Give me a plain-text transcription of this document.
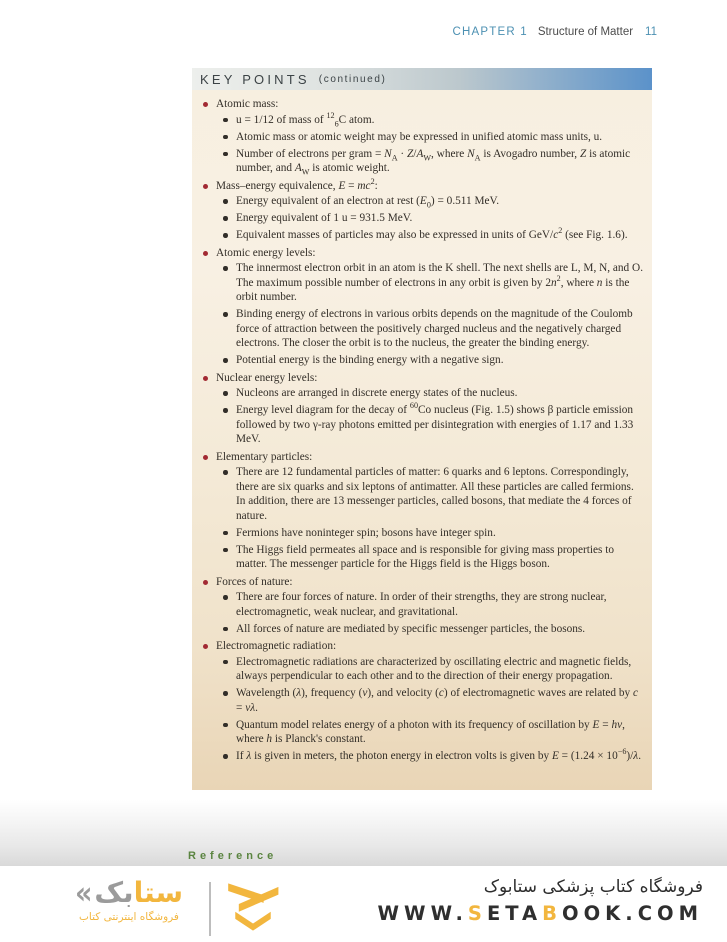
CHAPTER 1 Structure of Matter 11
KEY POINTS (continued)
Atomic mass:
u = 1/12 of mass of $^{12}_6$C atom.
Atomic mass or atomic weight may be expressed in unified atomic mass units, u.
Number of electrons per gram = $N_A \cdot Z/A_W$, where $N_A$ is Avogadro number, Z is atomic number, and $A_W$ is atomic weight.
Mass–energy equivalence, $E = mc^2$:
Energy equivalent of an electron at rest $(E_0) = 0.511$ MeV.
Energy equivalent of 1 u = 931.5 MeV.
Equivalent masses of particles may also be expressed in units of GeV/$c^2$ (see Fig. 1.6).
Atomic energy levels:
The innermost electron orbit in an atom is the K shell. The next shells are L, M, N, and O. The maximum possible number of electrons in any orbit is given by $2n^2$, where n is the orbit number.
Binding energy of electrons in various orbits depends on the magnitude of the Coulomb force of attraction between the positively charged nucleus and the negatively charged electrons. The closer the orbit is to the nucleus, the greater the binding energy.
Potential energy is the binding energy with a negative sign.
Nuclear energy levels:
Nucleons are arranged in discrete energy states of the nucleus.
Energy level diagram for the decay of $^{60}$Co nucleus (Fig. 1.5) shows β particle emission followed by two γ-ray photons emitted per disintegration with energies of 1.17 and 1.33 MeV.
Elementary particles:
There are 12 fundamental particles of matter: 6 quarks and 6 leptons. Correspondingly, there are six quarks and six leptons of antimatter. All these particles are called fermions. In addition, there are 13 messenger particles, called bosons, that mediate the 4 forces of nature.
Fermions have noninteger spin; bosons have integer spin.
The Higgs field permeates all space and is responsible for giving mass properties to matter. The messenger particle for the Higgs field is the Higgs boson.
Forces of nature:
There are four forces of nature. In order of their strengths, they are strong nuclear, electromagnetic, weak nuclear, and gravitational.
All forces of nature are mediated by specific messenger particles, the bosons.
Electromagnetic radiation:
Electromagnetic radiations are characterized by oscillating electric and magnetic fields, always perpendicular to each other and to the direction of their energy propagation.
Wavelength (λ), frequency (ν), and velocity (c) of electromagnetic waves are related by c = νλ.
Quantum model relates energy of a photon with its frequency of oscillation by E = hν, where h is Planck's constant.
If λ is given in meters, the photon energy in electron volts is given by $E = (1.24 \times 10^{-6})/\lambda$.
Reference
«	ستابک
فروشگاه اینترنتی کتاب
فروشگاه کتاب پزشکی ستابوک
WWW.SETABOOK.COM
